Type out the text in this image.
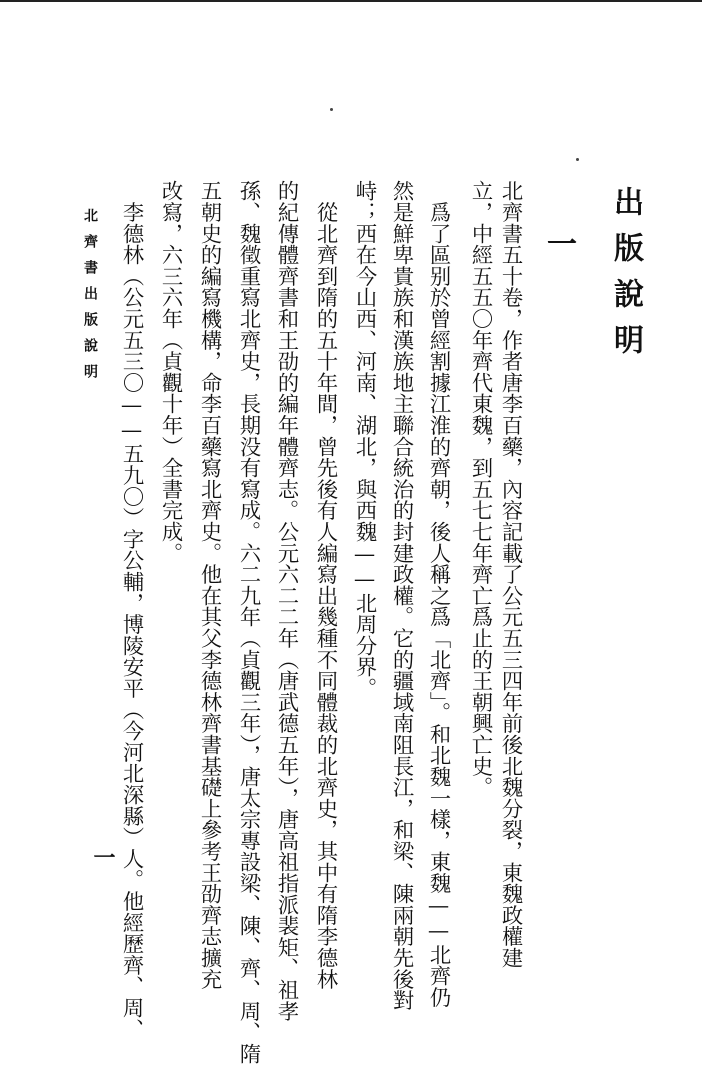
出版說明
一
北齊書五十卷，作者唐李百藥，內容記載了公元五三四年前後北魏分裂，東魏政權建
立，中經五五〇年齊代東魏，到五七七年齊亡爲止的王朝興亡史。
　爲了區别於曾經割據江淮的齊朝，後人稱之爲「北齊」。和北魏一樣，東魏——北齊仍
然是鮮卑貴族和漢族地主聯合統治的封建政權。它的疆域南阻長江，和梁、陳兩朝先後對
峙；西在今山西、河南、湖北，與西魏——北周分界。
　從北齊到隋的五十年間，曾先後有人編寫出幾種不同體裁的北齊史，其中有隋李德林
的紀傳體齊書和王劭的編年體齊志。公元六二二年（唐武德五年），唐高祖指派裴矩、祖孝
孫、魏徵重寫北齊史，長期没有寫成。六二九年（貞觀三年），唐太宗專設梁、陳、齊、周、隋
五朝史的編寫機構，命李百藥寫北齊史。他在其父李德林齊書基礎上參考王劭齊志擴充
改寫，六三六年（貞觀十年）全書完成。
　李德林（公元五三〇——五九〇）字公輔，博陵安平（今河北深縣）人。他經歷齊、周、
北齊書出版說明
一
